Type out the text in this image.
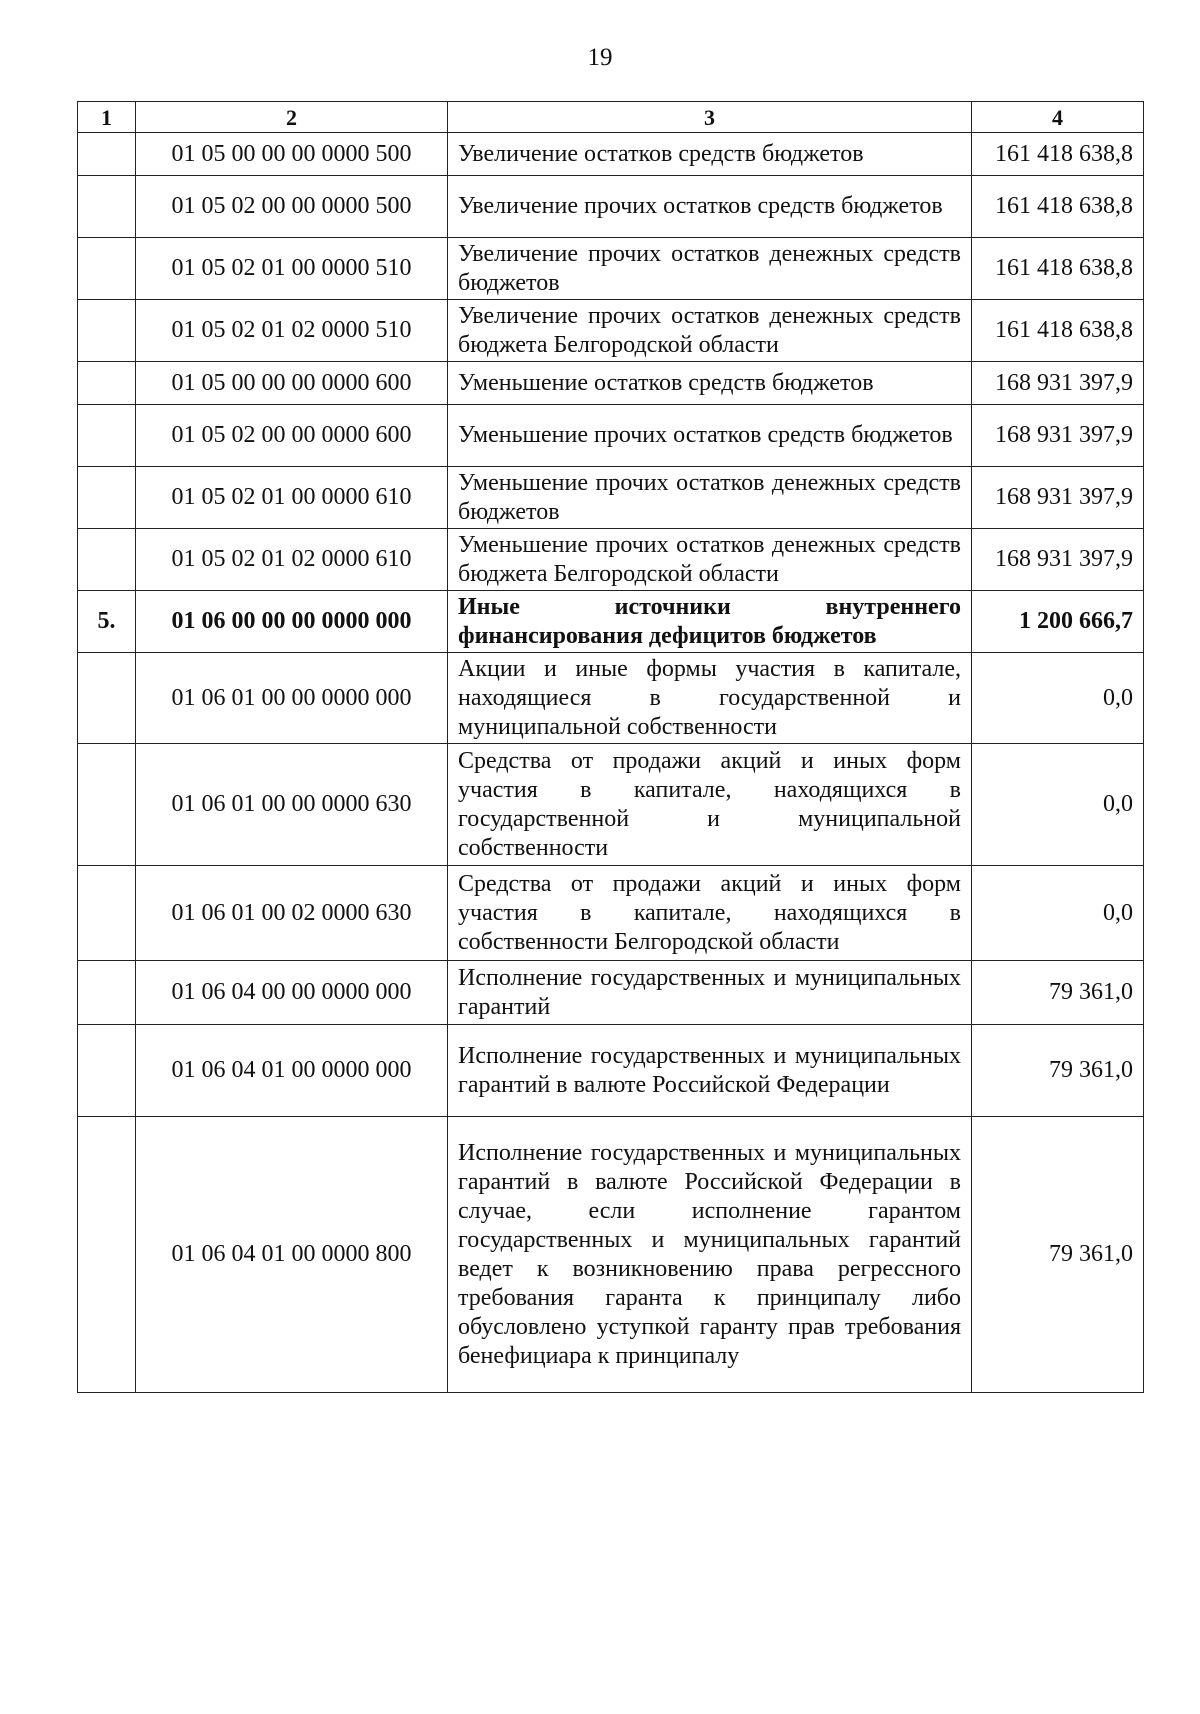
19
1	2	3	4
	01 05 00 00 00 0000 500	Увеличение остатков средств бюджетов	161 418 638,8
	01 05 02 00 00 0000 500	Увеличение прочих остатков средств бюджетов	161 418 638,8
	01 05 02 01 00 0000 510	Увеличение прочих остатков денежных средств бюджетов	161 418 638,8
	01 05 02 01 02 0000 510	Увеличение прочих остатков денежных средств бюджета Белгородской области	161 418 638,8
	01 05 00 00 00 0000 600	Уменьшение остатков средств бюджетов	168 931 397,9
	01 05 02 00 00 0000 600	Уменьшение прочих остатков средств бюджетов	168 931 397,9
	01 05 02 01 00 0000 610	Уменьшение прочих остатков денежных средств бюджетов	168 931 397,9
	01 05 02 01 02 0000 610	Уменьшение прочих остатков денежных средств бюджета Белгородской области	168 931 397,9
5.	01 06 00 00 00 0000 000	Иные источники внутреннего финансирования дефицитов бюджетов	1 200 666,7
	01 06 01 00 00 0000 000	Акции и иные формы участия в капитале, находящиеся в государственной и муниципальной собственности	0,0
	01 06 01 00 00 0000 630	Средства от продажи акций и иных форм участия в капитале, находящихся в государственной и муниципальной собственности	0,0
	01 06 01 00 02 0000 630	Средства от продажи акций и иных форм участия в капитале, находящихся в собственности Белгородской области	0,0
	01 06 04 00 00 0000 000	Исполнение государственных и муниципальных гарантий	79 361,0
	01 06 04 01 00 0000 000	Исполнение государственных и муниципальных гарантий в валюте Российской Федерации	79 361,0
	01 06 04 01 00 0000 800	Исполнение государственных и муниципальных гарантий в валюте Российской Федерации в случае, если исполнение гарантом государственных и муниципальных гарантий ведет к возникновению права регрессного требования гаранта к принципалу либо обусловлено уступкой гаранту прав требования бенефициара к принципалу	79 361,0
